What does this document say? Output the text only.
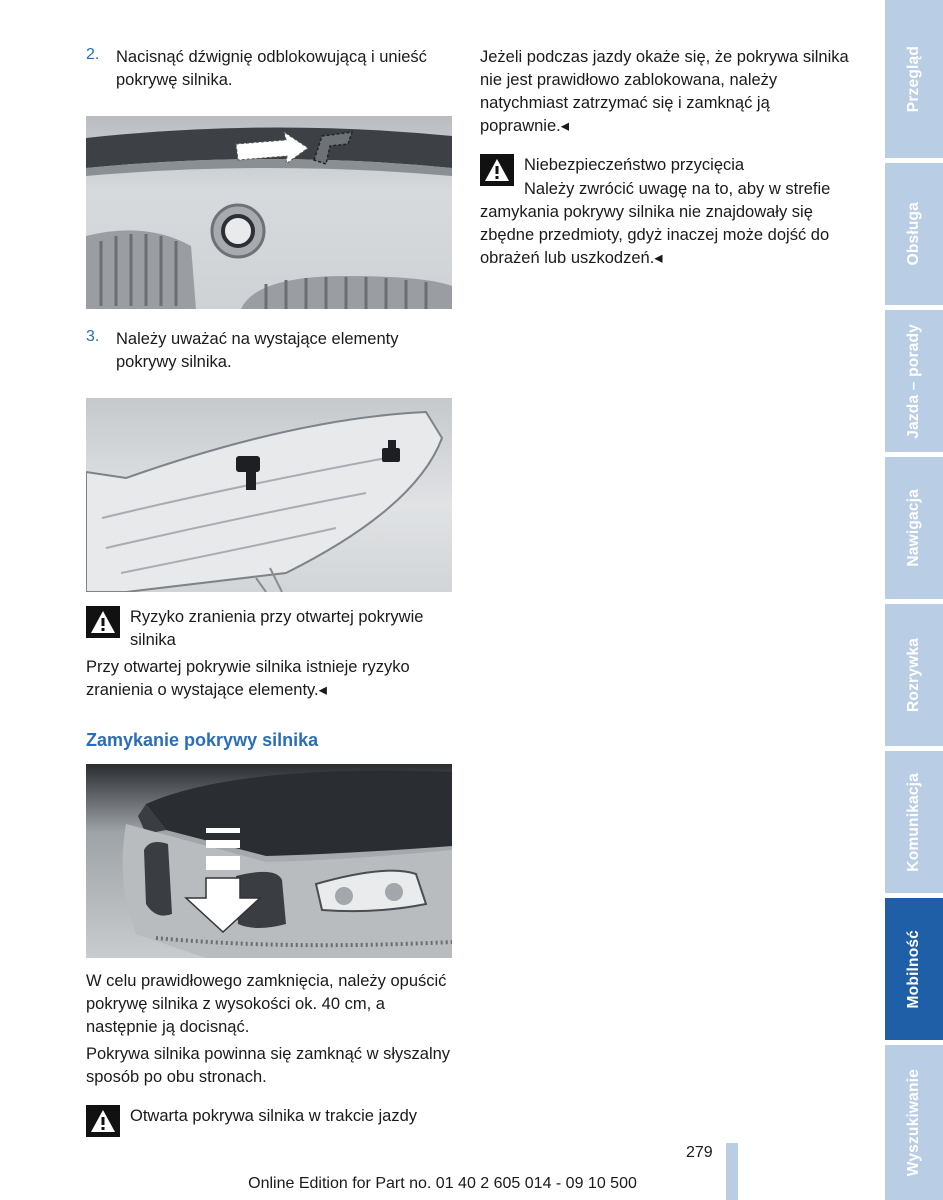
2.	Nacisnąć dźwignię odblokowującą i unieść pokrywę silnika.

3.	Należy uważać na wystające elementy pokrywy silnika.

Ryzyko zranienia przy otwartej pokrywie silnika

Przy otwartej pokrywie silnika istnieje ryzyko zranienia o wystające elementy.◂

Zamykanie pokrywy silnika

W celu prawidłowego zamknięcia, należy opuścić pokrywę silnika z wysokości ok. 40 cm, a następnie ją docisnąć.

Pokrywa silnika powinna się zamknąć w słyszalny sposób po obu stronach.

Otwarta pokrywa silnika w trakcie jazdy

Jeżeli podczas jazdy okaże się, że pokrywa silnika nie jest prawidłowo zablokowana, należy natychmiast zatrzymać się i zamknąć ją poprawnie.◂

Niebezpieczeństwo przycięcia

Należy zwrócić uwagę na to, aby w strefie zamykania pokrywy silnika nie znajdowały się zbędne przedmioty, gdyż inaczej może dojść do obrażeń lub uszkodzeń.◂

Przegląd
Obsługa
Jazda – porady
Nawigacja
Rozrywka
Komunikacja
Mobilność
Wyszukiwanie
279
Online Edition for Part no. 01 40 2 605 014 - 09 10 500
